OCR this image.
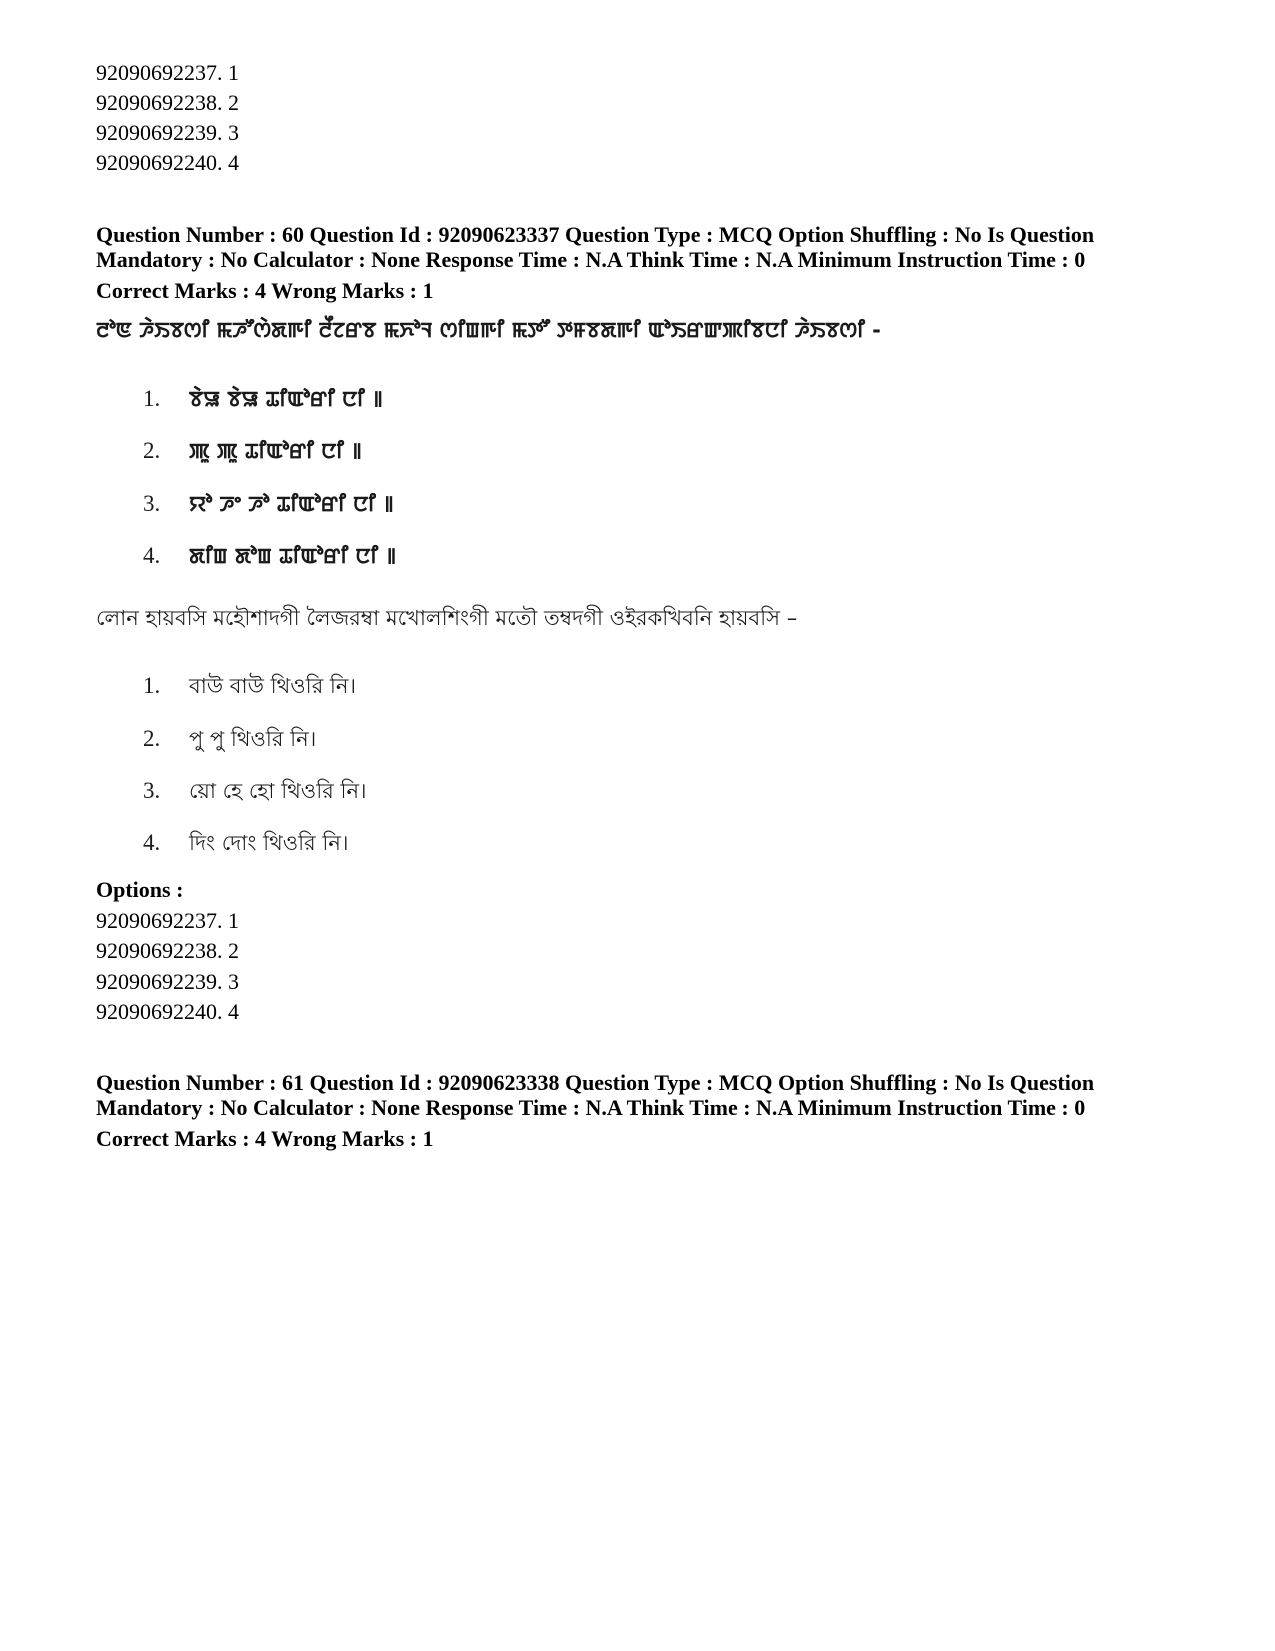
92090692237. 1
92090692238. 2
92090692239. 3
92090692240. 4
Question Number : 60 Question Id : 92090623337 Question Type : MCQ Option Shuffling : No Is Question
Mandatory : No Calculator : None Response Time : N.A Think Time : N.A Minimum Instruction Time : 0
Correct Marks : 4 Wrong Marks : 1
ꯂꯣꯟ ꯍꯥꯏꯕꯁꯤ ꯃꯍꯧꯁꯥꯗꯒꯤ ꯂꯩꯖꯔꯕ ꯃꯈꯣꯜ ꯁꯤꯡꯒꯤ ꯃꯇꯧ ꯇꯝꯕꯗꯒꯤ ꯑꯣꯏꯔꯛꯄꯤꯕꯅꯤ ꯍꯥꯏꯕꯁꯤ -
1. ꯕꯥꯎ ꯕꯥꯎ ꯊꯤꯑꯣꯔꯤ ꯅꯤ ꯫
2. ꯄꯨ ꯄꯨ ꯊꯤꯑꯣꯔꯤ ꯅꯤ ꯫
3. ꯌꯣ ꯍꯦ ꯍꯣ ꯊꯤꯑꯣꯔꯤ ꯅꯤ ꯫
4. ꯗꯤꯡ ꯗꯣꯡ ꯊꯤꯑꯣꯔꯤ ꯅꯤ ꯫
লোন হায়বসি মহৌশাদগী লৈজরম্বা মখোলশিংগী মতৌ তম্বদগী ওইরকখিবনি হায়বসি –
1. বাউ বাউ থিওরি নি।
2. পু পু থিওরি নি।
3. য়ো হে হো থিওরি নি।
4. দিং দোং থিওরি নি।
Options :
92090692237. 1
92090692238. 2
92090692239. 3
92090692240. 4
Question Number : 61 Question Id : 92090623338 Question Type : MCQ Option Shuffling : No Is Question
Mandatory : No Calculator : None Response Time : N.A Think Time : N.A Minimum Instruction Time : 0
Correct Marks : 4 Wrong Marks : 1
